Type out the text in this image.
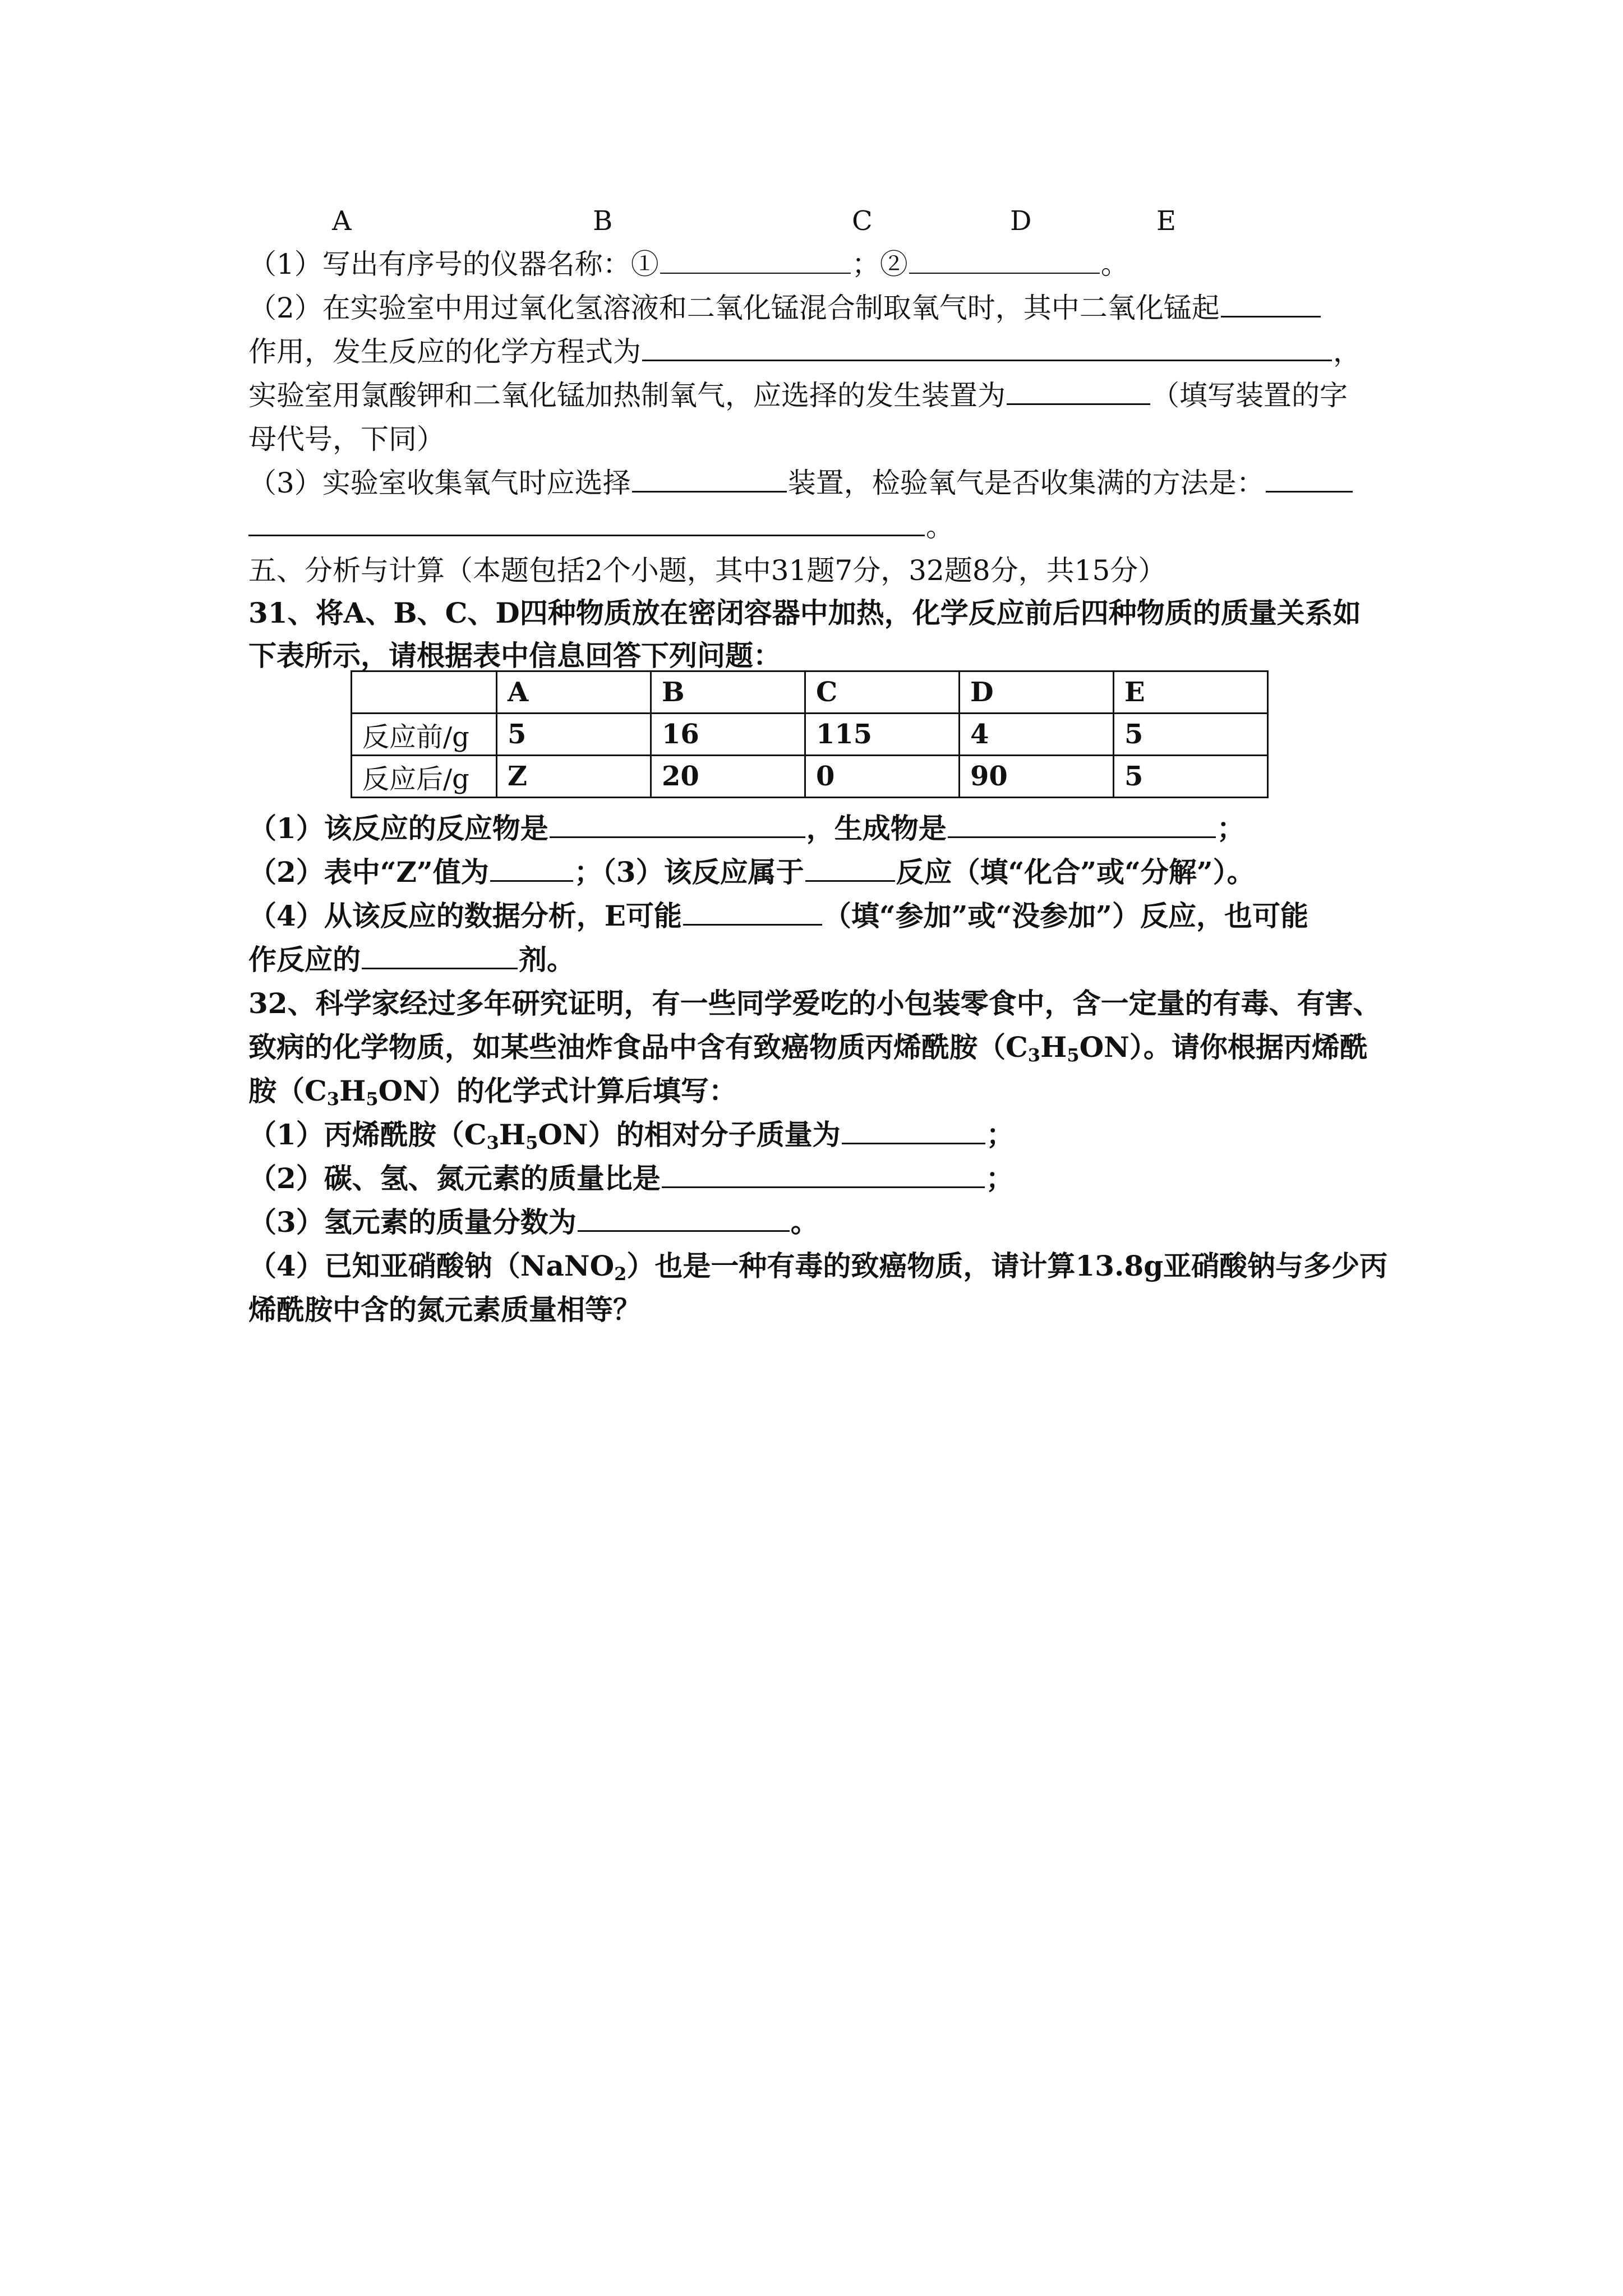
A	B	C	D	E
（1）写出有序号的仪器名称：①	；②	。
（2）在实验室中用过氧化氢溶液和二氧化锰混合制取氧气时，其中二氧化锰起
作用，发生反应的化学方程式为	，
实验室用氯酸钾和二氧化锰加热制氧气，应选择的发生装置为	（填写装置的字
母代号，下同）
（3）实验室收集氧气时应选择	装置，检验氧气是否收集满的方法是：
。
五、分析与计算（本题包括2个小题，其中31题7分，32题8分，共15分）
31、将A、B、C、D四种物质放在密闭容器中加热，化学反应前后四种物质的质量关系如
下表所示，请根据表中信息回答下列问题：
	A	B	C	D	E
反应前/g	5	16	115	4	5
反应后/g	Z	20	0	90	5
（1）该反应的反应物是	，生成物是	；
（2）表中“Z”值为	；（3）该反应属于	反应（填“化合”或“分解”）。
（4）从该反应的数据分析，E可能	（填“参加”或“没参加”）反应，也可能
作反应的	剂。
32、科学家经过多年研究证明，有一些同学爱吃的小包装零食中，含一定量的有毒、有害、
致病的化学物质，如某些油炸食品中含有致癌物质丙烯酰胺$(C_3H_5ON)$。请你根据丙烯酰
胺$(C_3H_5ON)$的化学式计算后填写：
（1）丙烯酰胺$(C_3H_5ON)$的相对分子质量为	；
（2）碳、氢、氮元素的质量比是	；
（3）氢元素的质量分数为	。
（4）已知亚硝酸钠（NaNO$_2$）也是一种有毒的致癌物质，请计算13.8g亚硝酸钠与多少丙
烯酰胺中含的氮元素质量相等？
